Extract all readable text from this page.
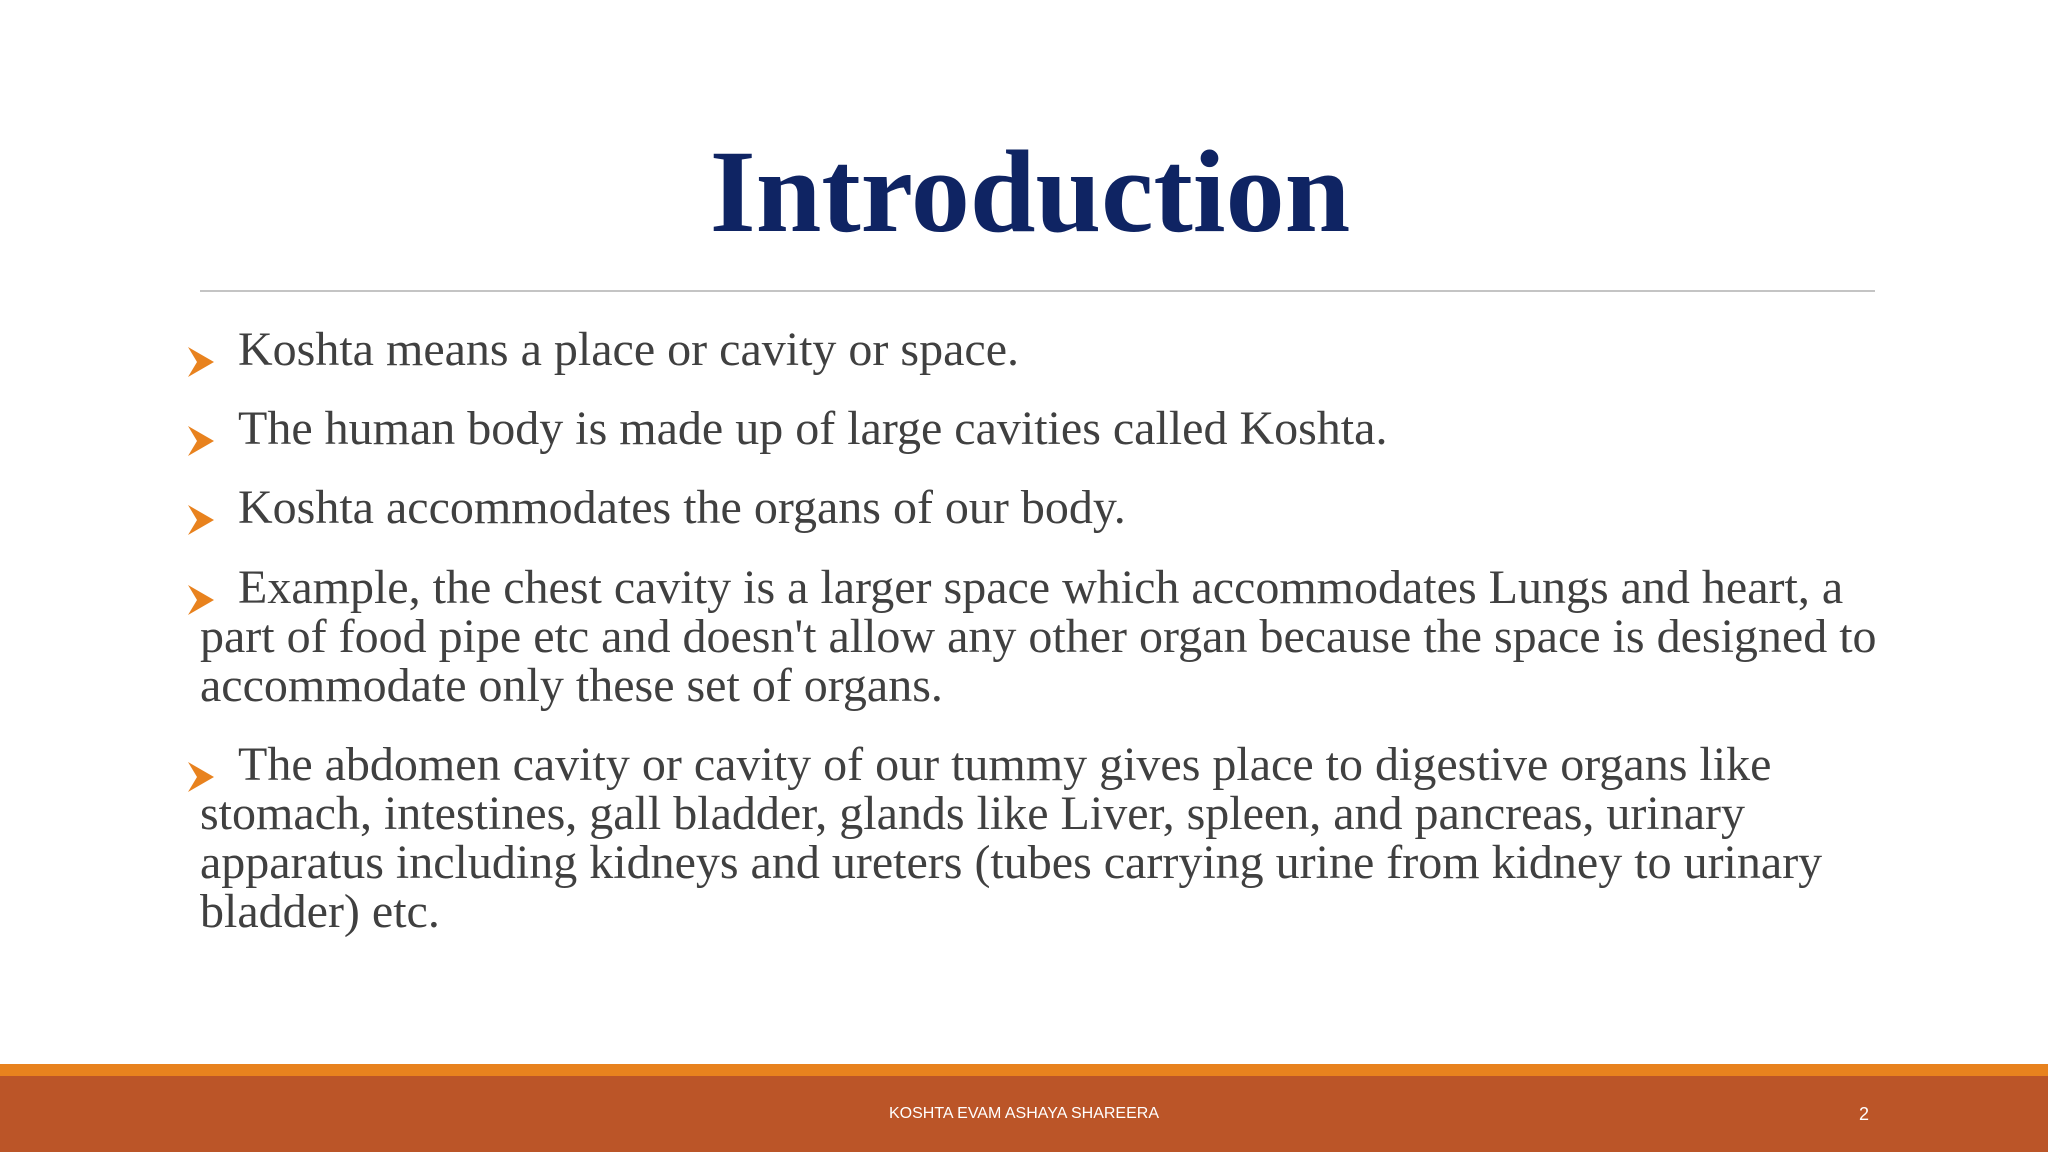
Introduction
Koshta means a place or cavity or space.
The human body is made up of large cavities called Koshta.
Koshta accommodates the organs of our body.
Example, the chest cavity is a larger space which accommodates Lungs and heart, a part of food pipe etc and doesn't allow any other organ because the space is designed to accommodate only these set of organs.
The abdomen cavity or cavity of our tummy gives place to digestive organs like stomach, intestines, gall bladder, glands like Liver, spleen, and pancreas, urinary apparatus including kidneys and ureters (tubes carrying urine from kidney to urinary bladder) etc.
KOSHTA EVAM ASHAYA SHAREERA	2
